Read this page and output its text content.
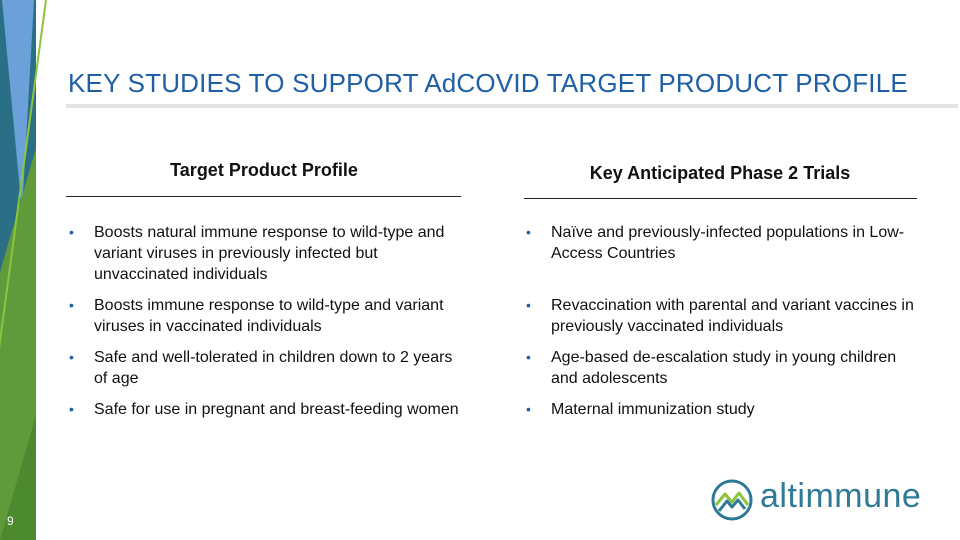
9
KEY STUDIES TO SUPPORT AdCOVID TARGET PRODUCT PROFILE
Target Product Profile
• Boosts natural immune response to wild-type and variant viruses in previously infected but unvaccinated individuals
• Boosts immune response to wild-type and variant viruses in vaccinated individuals
• Safe and well-tolerated in children down to 2 years of age
• Safe for use in pregnant and breast-feeding women
Key Anticipated Phase 2 Trials
• Naïve and previously-infected populations in Low-Access Countries
• Revaccination with parental and variant vaccines in previously vaccinated individuals
• Age-based de-escalation study in young children and adolescents
• Maternal immunization study
altimmune
